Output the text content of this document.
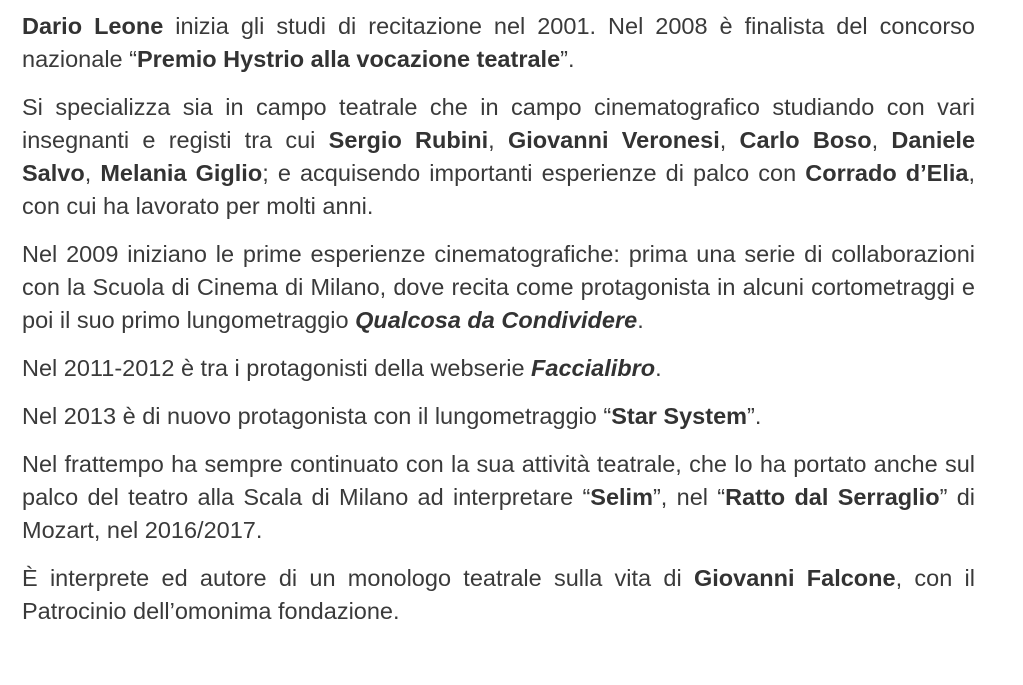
Dario Leone inizia gli studi di recitazione nel 2001. Nel 2008 è finalista del concorso nazionale “Premio Hystrio alla vocazione teatrale”.

Si specializza sia in campo teatrale che in campo cinematografico studiando con vari insegnanti e registi tra cui Sergio Rubini, Giovanni Veronesi, Carlo Boso, Daniele Salvo, Melania Giglio; e acquisendo importanti esperienze di palco con Corrado d’Elia, con cui ha lavorato per molti anni.

Nel 2009 iniziano le prime esperienze cinematografiche: prima una serie di collaborazioni con la Scuola di Cinema di Milano, dove recita come protagonista in alcuni cortometraggi e poi il suo primo lungometraggio Qualcosa da Condividere.

Nel 2011-2012 è tra i protagonisti della webserie Faccialibro.

Nel 2013 è di nuovo protagonista con il lungometraggio “Star System”.

Nel frattempo ha sempre continuato con la sua attività teatrale, che lo ha portato anche sul palco del teatro alla Scala di Milano ad interpretare “Selim”, nel “Ratto dal Serraglio” di Mozart, nel 2016/2017.

È interprete ed autore di un monologo teatrale sulla vita di Giovanni Falcone, con il Patrocinio dell’omonima fondazione.
